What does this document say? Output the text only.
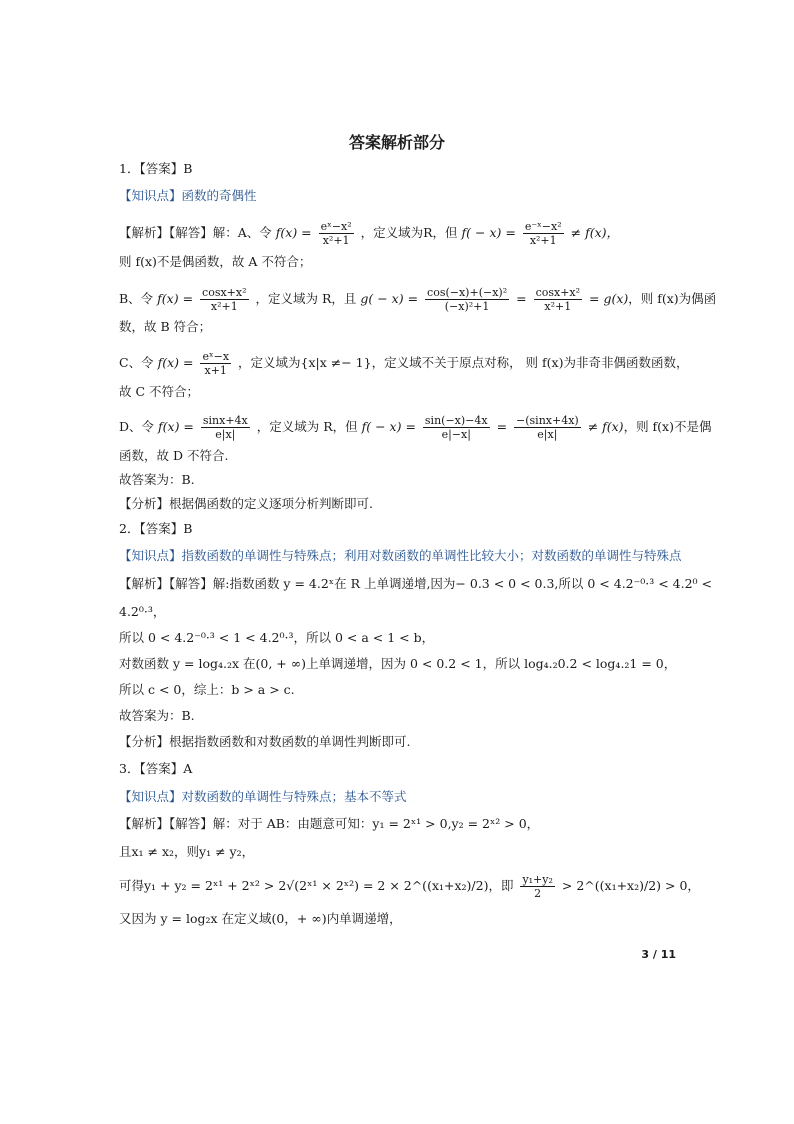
答案解析部分
1．【答案】B
【知识点】函数的奇偶性
【解析】【解答】解：A、令 $f(x) = \frac{\text{eˣ−x²}}{\text{x²+1}}$ ，定义域为R，但 $f( - x) = \frac{\text{e⁻ˣ−x²}}{\text{x²+1}} \ne f(x)$，
则 f(x)不是偶函数，故 A 不符合；
B、令 $f(x) = \frac{\text{cosx+x²}}{\text{x²+1}}$ ，定义域为 R，且 $g( - x) = \frac{\text{cos(−x)+(−x)²}}{\text{(−x)²+1}} = \frac{\text{cosx+x²}}{\text{x²+1}} = g(x)$，则 f(x)为偶函
数，故 B 符合；
C、令 $f(x) = \frac{\text{eˣ−x}}{x+1}$ ，定义域为{x|x ≠− 1}，定义域不关于原点对称， 则 f(x)为非奇非偶函数函数，
故 C 不符合；
D、令 $f(x) = \frac{\sin x+4x}{e|x|}$ ，定义域为 R，但 $f( - x) = \frac{\sin(-x)-4x}{e|-x|} = \frac{-(\sin x+4x)}{e|x|} \ne f(x)$，则 f(x)不是偶
函数，故 D 不符合.
故答案为：B.
【分析】根据偶函数的定义逐项分析判断即可.
2．【答案】B
【知识点】指数函数的单调性与特殊点；利用对数函数的单调性比较大小；对数函数的单调性与特殊点
【解析】【解答】解:指数函数 y = 4.2ˣ在 R 上单调递增,因为− 0.3 < 0 < 0.3,所以 0 < 4.2⁻⁰·³ < 4.2⁰ <
4.2⁰·³，
所以 0 < 4.2⁻⁰·³ < 1 < 4.2⁰·³，所以 0 < a < 1 < b，
对数函数 y = log₄.₂x 在(0, + ∞)上单调递增，因为 0 < 0.2 < 1，所以 log₄.₂0.2 < log₄.₂1 = 0，
所以 c < 0，综上：b > a > c.
故答案为：B.
【分析】根据指数函数和对数函数的单调性判断即可.
3．【答案】A
【知识点】对数函数的单调性与特殊点；基本不等式
【解析】【解答】解：对于 AB：由题意可知：y₁ = 2ˣ¹ > 0,y₂ = 2ˣ² > 0，
且x₁ ≠ x₂，则y₁ ≠ y₂，
可得y₁ + y₂ = 2ˣ¹ + 2ˣ² > 2√(2ˣ¹ × 2ˣ²) = 2 × 2^((x₁+x₂)/2)，即 $\frac{\text{y₁+y₂}}{2}$ > 2^((x₁+x₂)/2) > 0，
又因为 y = log₂x 在定义域(0，+ ∞)内单调递增，
3 / 11
